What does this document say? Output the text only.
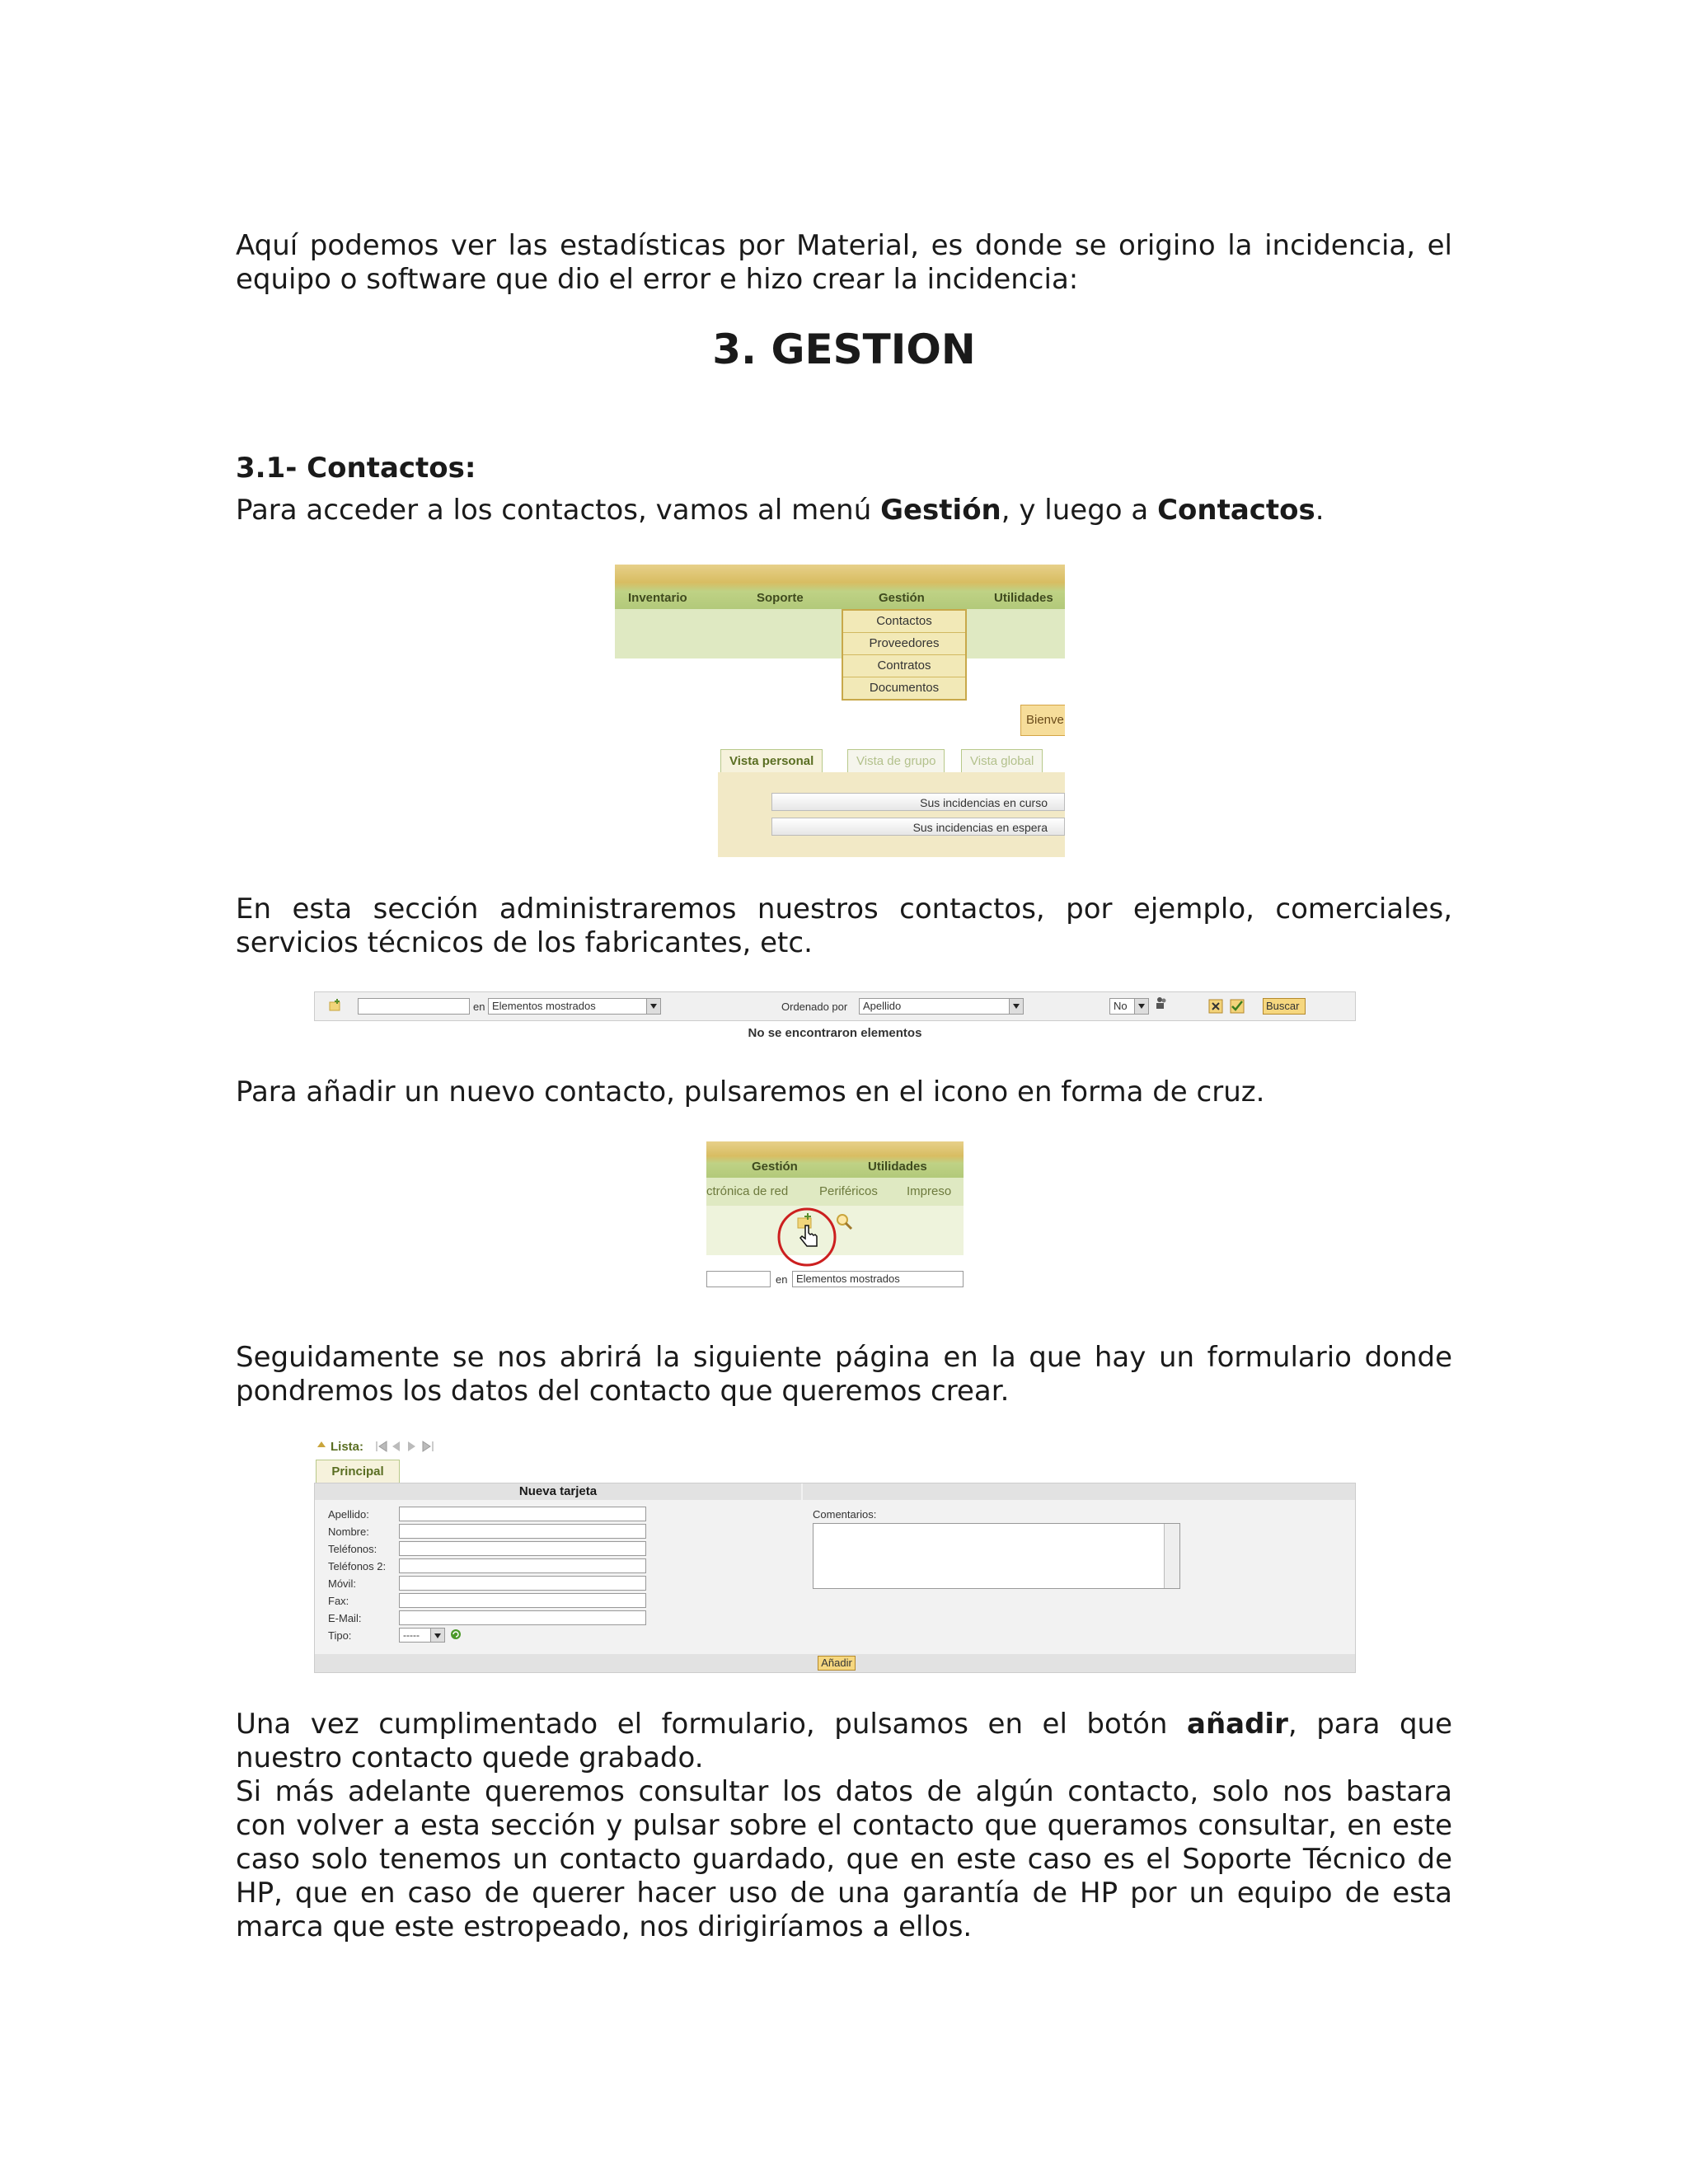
Aquí podemos ver las estadísticas por Material, es donde se origino la incidencia, el equipo o software que dio el error e hizo crear la incidencia:

3. GESTION
3.1- Contactos:

Para acceder a los contactos, vamos al menú Gestión, y luego a Contactos.

Inventario	Soporte	Gestión	Utilidades
Contactos
Proveedores
Contratos
Documentos
Bienve
Vista personal	Vista de grupo	Vista global
Sus incidencias en curso
Sus incidencias en espera

En esta sección administraremos nuestros contactos, por ejemplo, comerciales, servicios técnicos de los fabricantes, etc.

en Elementos mostrados	Ordenado por	Apellido	No	Buscar
No se encontraron elementos

Para añadir un nuevo contacto, pulsaremos en el icono en forma de cruz.

Gestión	Utilidades
ctrónica de red	Periféricos Impreso
en Elementos mostrados

Seguidamente se nos abrirá la siguiente página en la que hay un formulario donde pondremos los datos del contacto que queremos crear.

Lista:
Principal
Nueva tarjeta
Apellido:
Nombre:
Teléfonos:
Teléfonos 2:
Móvil:
Fax:
E-Mail:
Tipo:	-----
Comentarios:
Añadir

Una vez cumplimentado el formulario, pulsamos en el botón añadir, para que nuestro contacto quede grabado.

Si más adelante queremos consultar los datos de algún contacto, solo nos bastara con volver a esta sección y pulsar sobre el contacto que queramos consultar, en este caso solo tenemos un contacto guardado, que en este caso es el Soporte Técnico de HP, que en caso de querer hacer uso de una garantía de HP por un equipo de esta marca que este estropeado, nos dirigiríamos a ellos.
